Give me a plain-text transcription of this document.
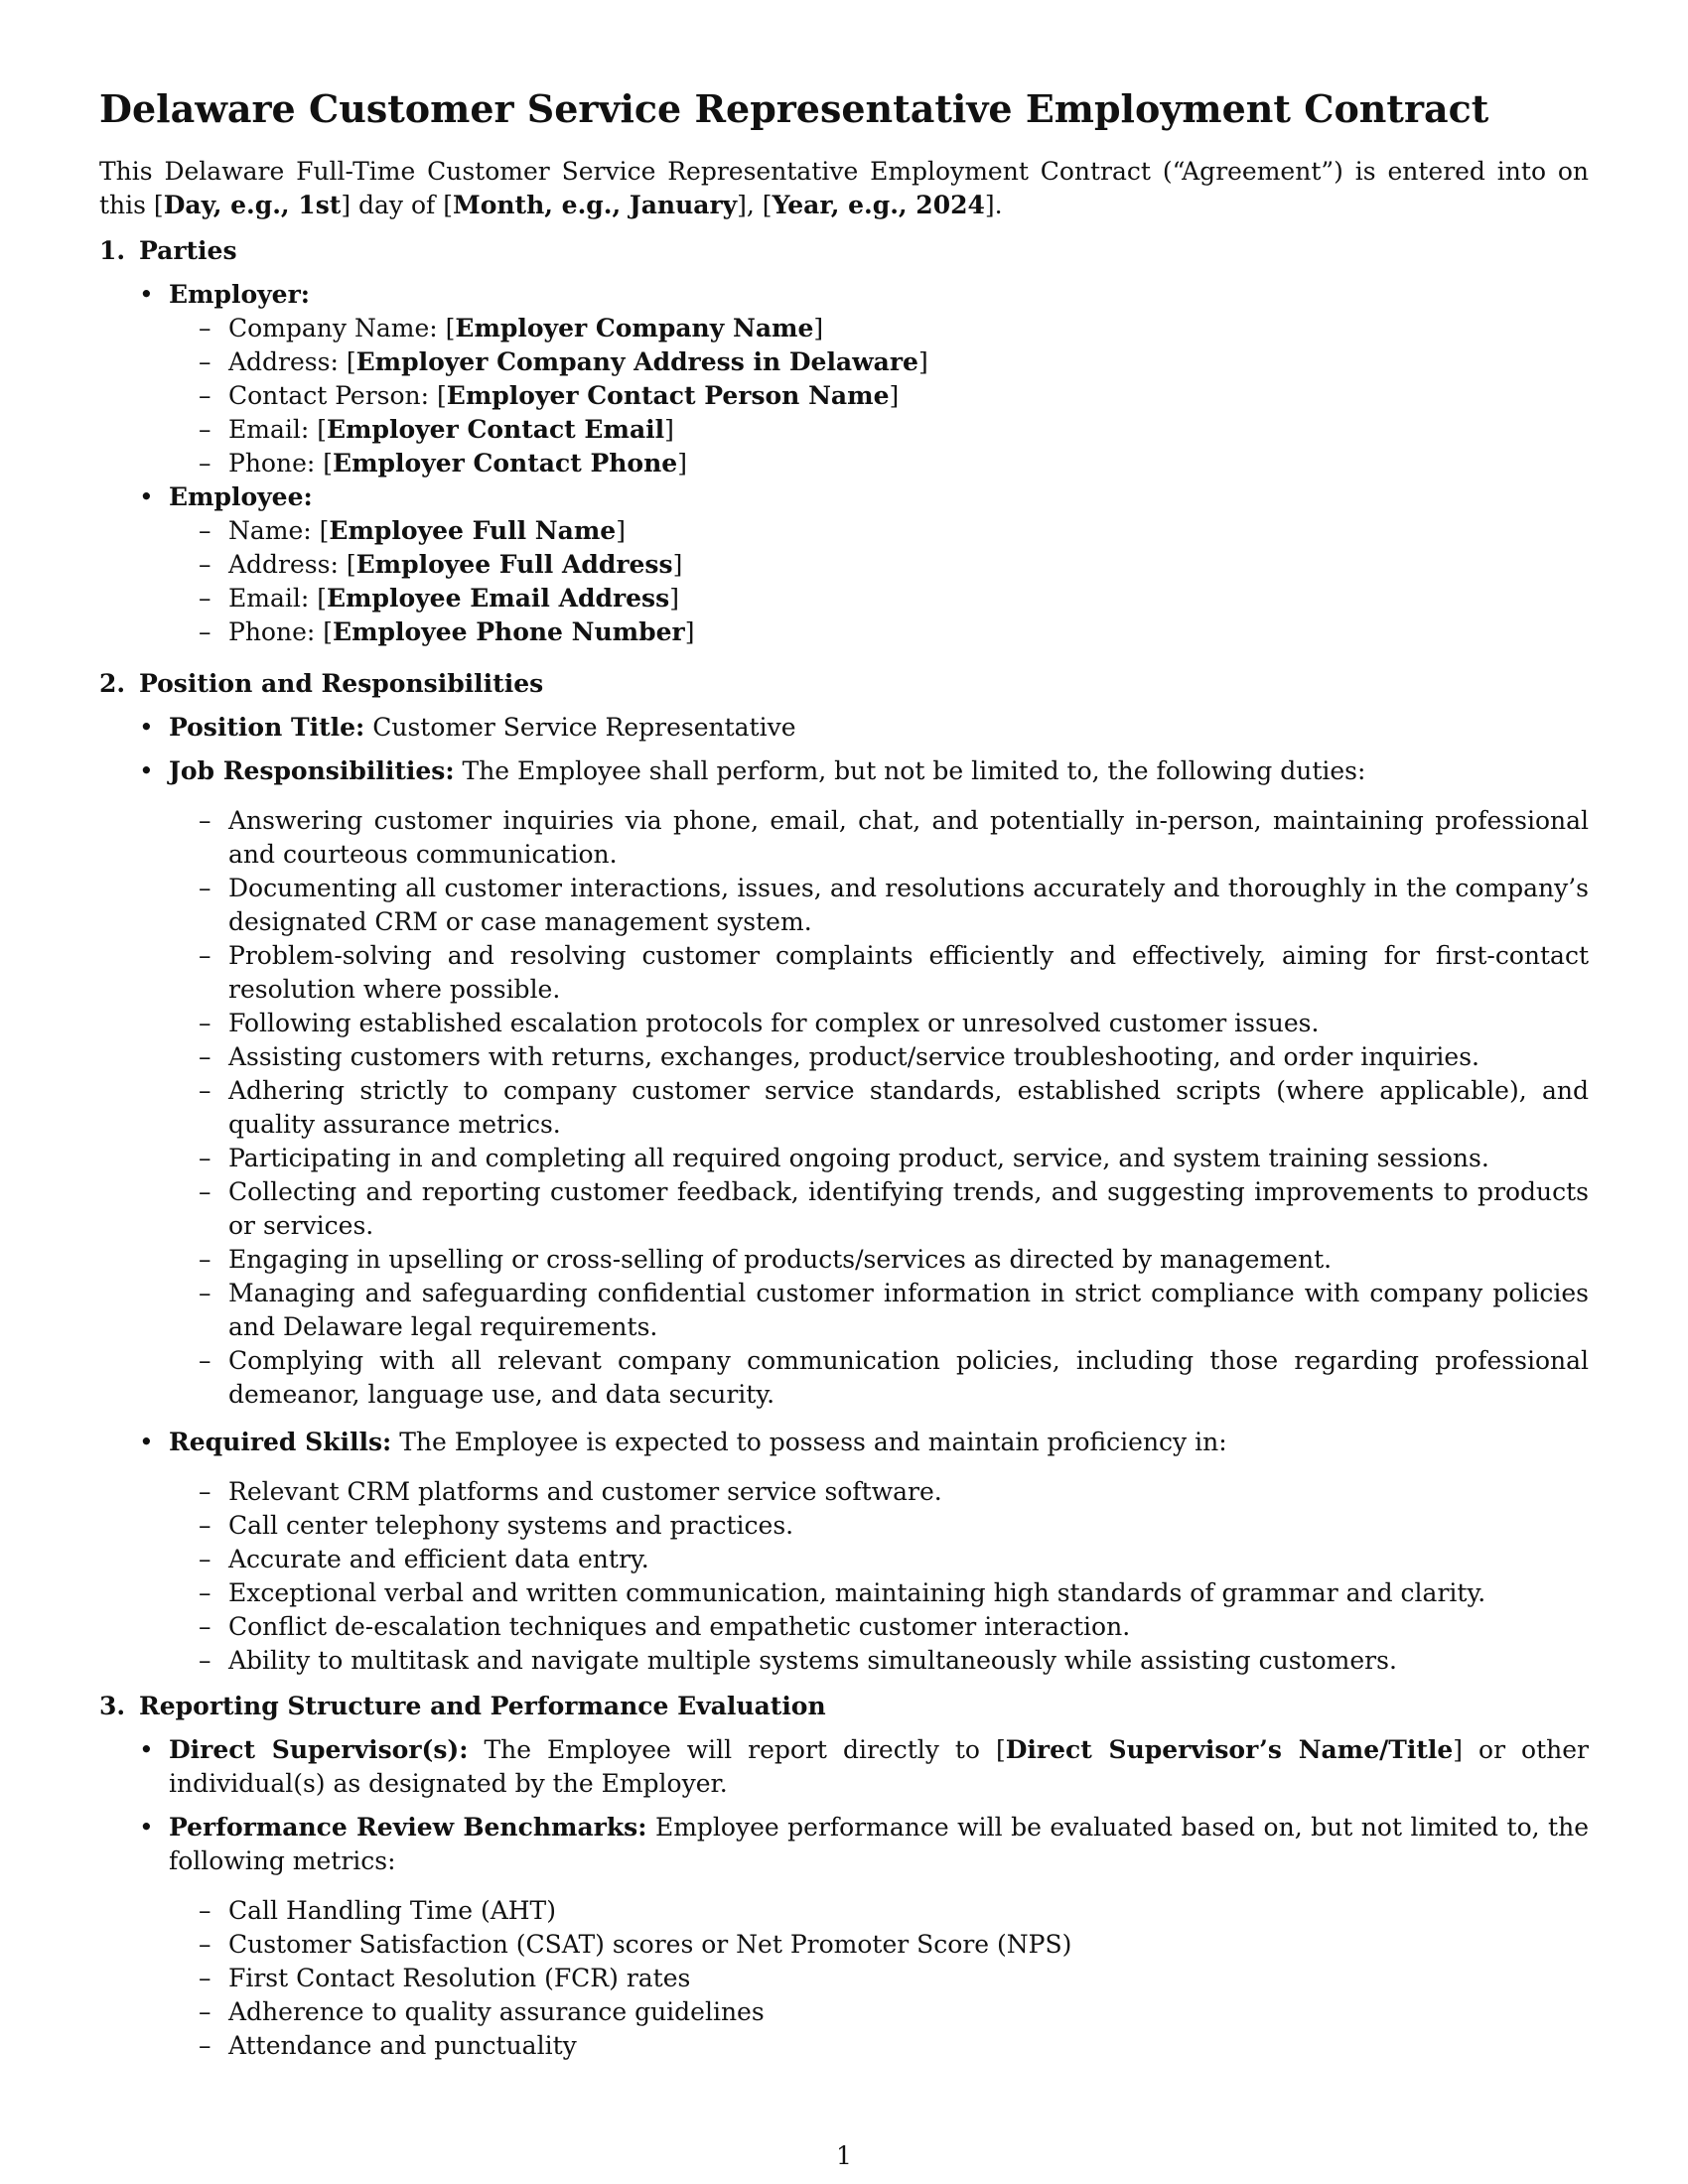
Delaware Customer Service Representative Employment Contract

This Delaware Full-Time Customer Service Representative Employment Contract (“Agreement”) is entered into on this [Day, e.g., 1st] day of [Month, e.g., January], [Year, e.g., 2024].

1. Parties
• Employer:
– Company Name: [Employer Company Name]
– Address: [Employer Company Address in Delaware]
– Contact Person: [Employer Contact Person Name]
– Email: [Employer Contact Email]
– Phone: [Employer Contact Phone]
• Employee:
– Name: [Employee Full Name]
– Address: [Employee Full Address]
– Email: [Employee Email Address]
– Phone: [Employee Phone Number]
2. Position and Responsibilities
• Position Title: Customer Service Representative
• Job Responsibilities: The Employee shall perform, but not be limited to, the following duties:
– Answering customer inquiries via phone, email, chat, and potentially in-person, maintaining professional and courteous communication.
– Documenting all customer interactions, issues, and resolutions accurately and thoroughly in the company’s designated CRM or case management system.
– Problem-solving and resolving customer complaints efficiently and effectively, aiming for first-contact resolution where possible.
– Following established escalation protocols for complex or unresolved customer issues.
– Assisting customers with returns, exchanges, product/service troubleshooting, and order inquiries.
– Adhering strictly to company customer service standards, established scripts (where applicable), and quality assurance metrics.
– Participating in and completing all required ongoing product, service, and system training sessions.
– Collecting and reporting customer feedback, identifying trends, and suggesting improvements to products or services.
– Engaging in upselling or cross-selling of products/services as directed by management.
– Managing and safeguarding confidential customer information in strict compliance with company policies and Delaware legal requirements.
– Complying with all relevant company communication policies, including those regarding professional demeanor, language use, and data security.
• Required Skills: The Employee is expected to possess and maintain proficiency in:
– Relevant CRM platforms and customer service software.
– Call center telephony systems and practices.
– Accurate and efficient data entry.
– Exceptional verbal and written communication, maintaining high standards of grammar and clarity.
– Conflict de-escalation techniques and empathetic customer interaction.
– Ability to multitask and navigate multiple systems simultaneously while assisting customers.
3. Reporting Structure and Performance Evaluation
• Direct Supervisor(s): The Employee will report directly to [Direct Supervisor’s Name/Title] or other individual(s) as designated by the Employer.
• Performance Review Benchmarks: Employee performance will be evaluated based on, but not limited to, the following metrics:
– Call Handling Time (AHT)
– Customer Satisfaction (CSAT) scores or Net Promoter Score (NPS)
– First Contact Resolution (FCR) rates
– Adherence to quality assurance guidelines
– Attendance and punctuality
1
